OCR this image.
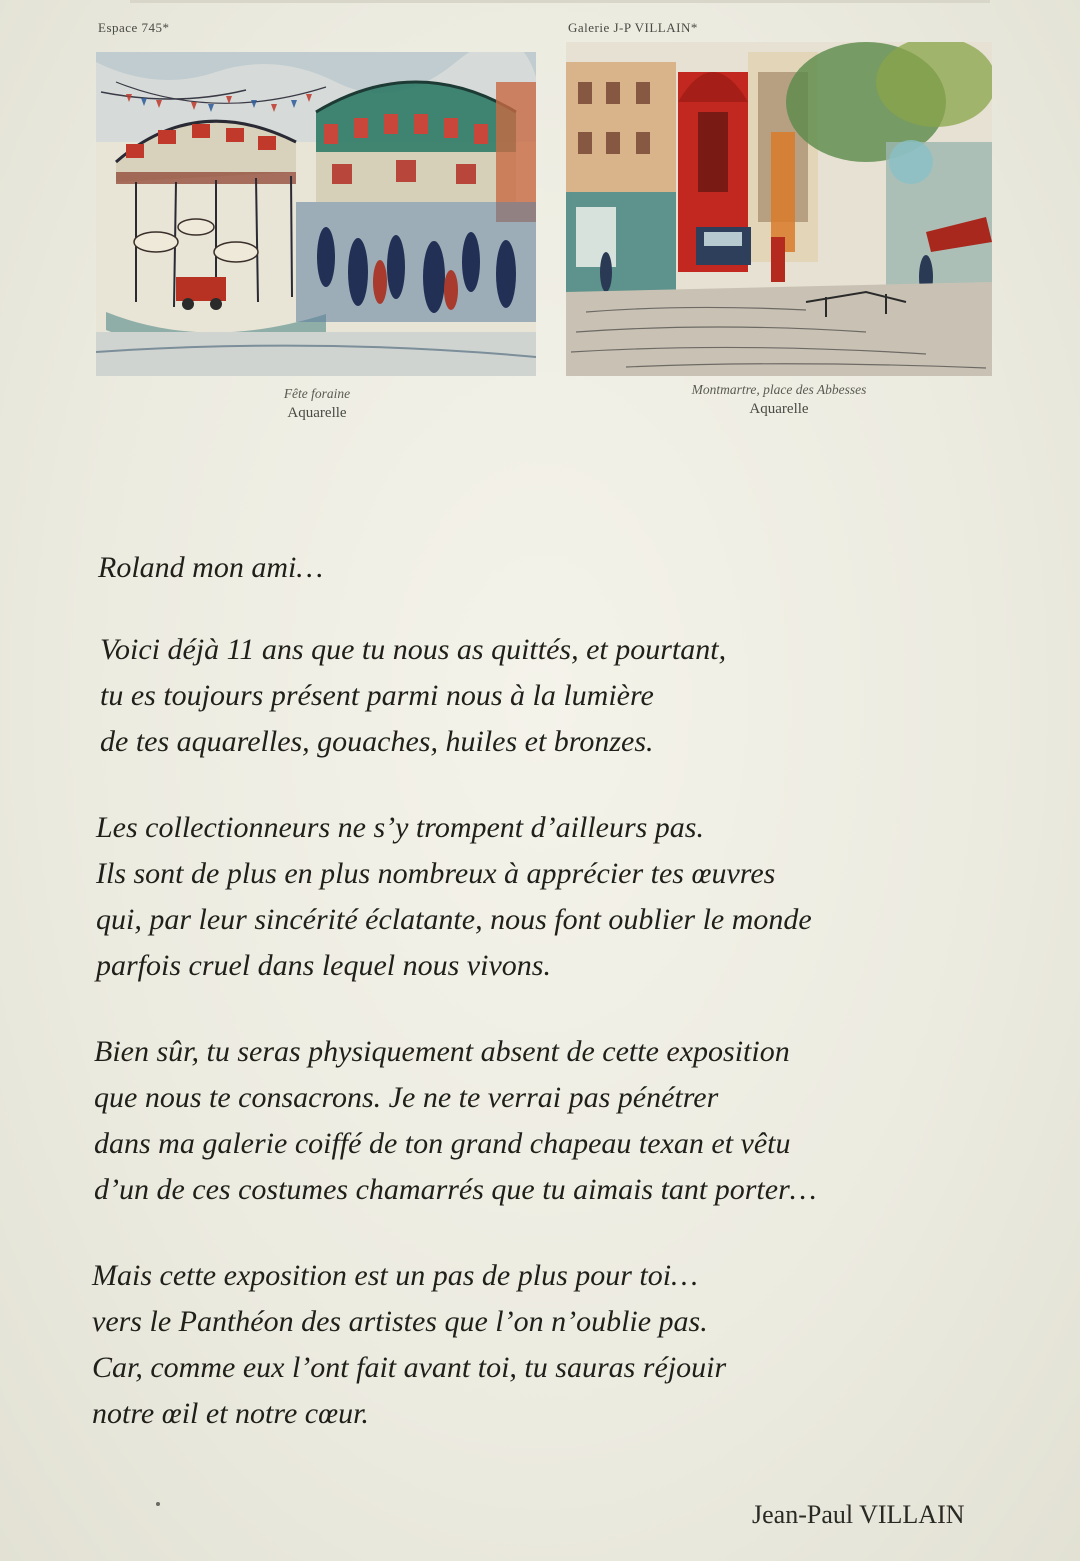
Espace 745*
Fête foraine
Aquarelle
Galerie J-P VILLAIN*
Montmartre, place des Abbesses
Aquarelle
Roland mon ami…
Voici déjà 11 ans que tu nous as quittés, et pourtant,
tu es toujours présent parmi nous à la lumière
de tes aquarelles, gouaches, huiles et bronzes.
Les collectionneurs ne s’y trompent d’ailleurs pas.
Ils sont de plus en plus nombreux à apprécier tes œuvres
qui, par leur sincérité éclatante, nous font oublier le monde
parfois cruel dans lequel nous vivons.
Bien sûr, tu seras physiquement absent de cette exposition
que nous te consacrons. Je ne te verrai pas pénétrer
dans ma galerie coiffé de ton grand chapeau texan et vêtu
d’un de ces costumes chamarrés que tu aimais tant porter…
Mais cette exposition est un pas de plus pour toi…
vers le Panthéon des artistes que l’on n’oublie pas.
Car, comme eux l’ont fait avant toi, tu sauras réjouir
notre œil et notre cœur.
Jean-Paul VILLAIN
